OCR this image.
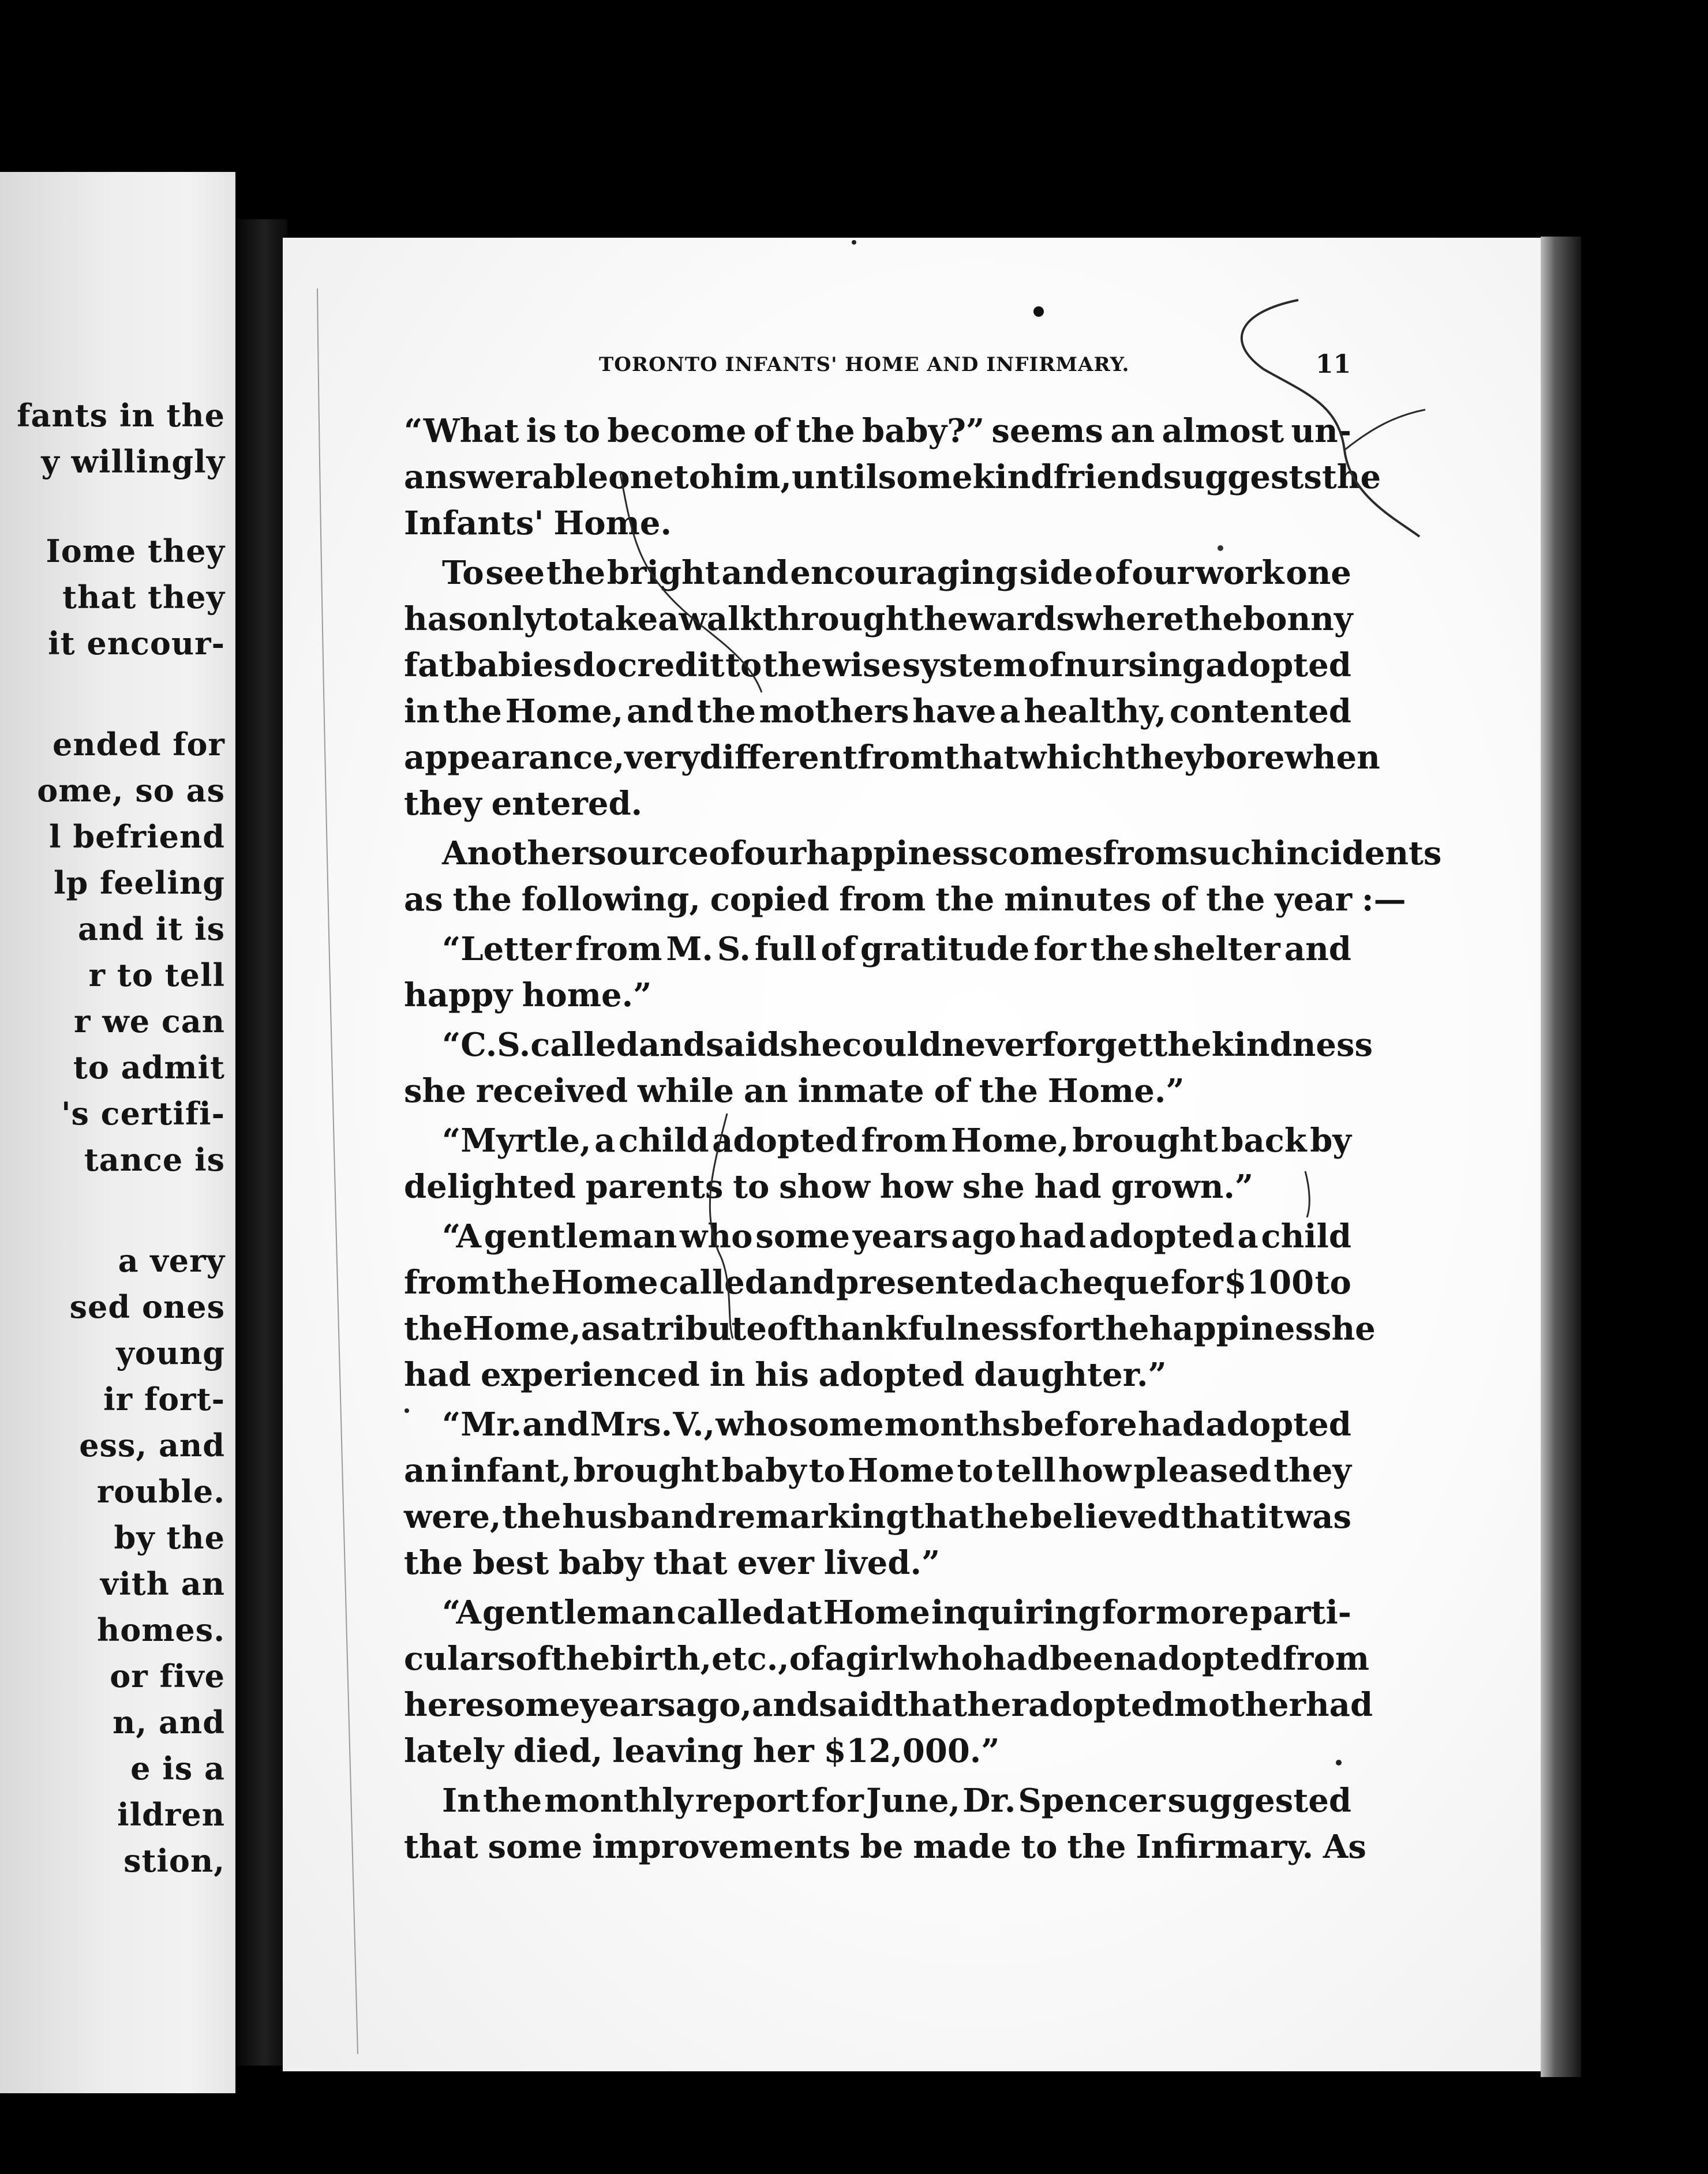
fants in the
y willingly
Iome they
that they
it encour-
ended for
ome, so as
l befriend
lp feeling
and it is
r to tell
r we can
to admit
's certifi-
tance is
a very
sed ones
young
ir fort-
ess, and
rouble.
by the
vith an
homes.
or five
n, and
e is a
ildren
stion,
TORONTO INFANTS' HOME AND INFIRMARY.	11
“What is to become of the baby?” seems an almost un-
answerable one to him, until some kind friend suggests the
Infants' Home.
To see the bright and encouraging side of our work one
has only to take a walk through the wards where the bonny
fat babies do credit to the wise system of nursing adopted
in the Home, and the mothers have a healthy, contented
appearance, very different from that which they bore when
they entered.
Another source of our happiness comes from such incidents
as the following, copied from the minutes of the year :—
“Letter from M. S. full of gratitude for the shelter and
happy home.”
“C. S. called and said she could never forget the kindness
she received while an inmate of the Home.”
“Myrtle, a child adopted from Home, brought back by
delighted parents to show how she had grown.”
“A gentleman who some years ago had adopted a child
from the Home called and presented a cheque for $100 to
the Home, as a tribute of thankfulness for the happiness he
had experienced in his adopted daughter.”
“Mr. and Mrs. V., who some months before had adopted
an infant, brought baby to Home to tell how pleased they
were, the husband remarking that he believed that it was
the best baby that ever lived.”
“A gentleman called at Home inquiring for more parti-
culars of the birth, etc., of a girl who had been adopted from
here some years ago, and said that her adopted mother had
lately died, leaving her $12,000.”
In the monthly report for June, Dr. Spencer suggested
that some improvements be made to the Infirmary. As
